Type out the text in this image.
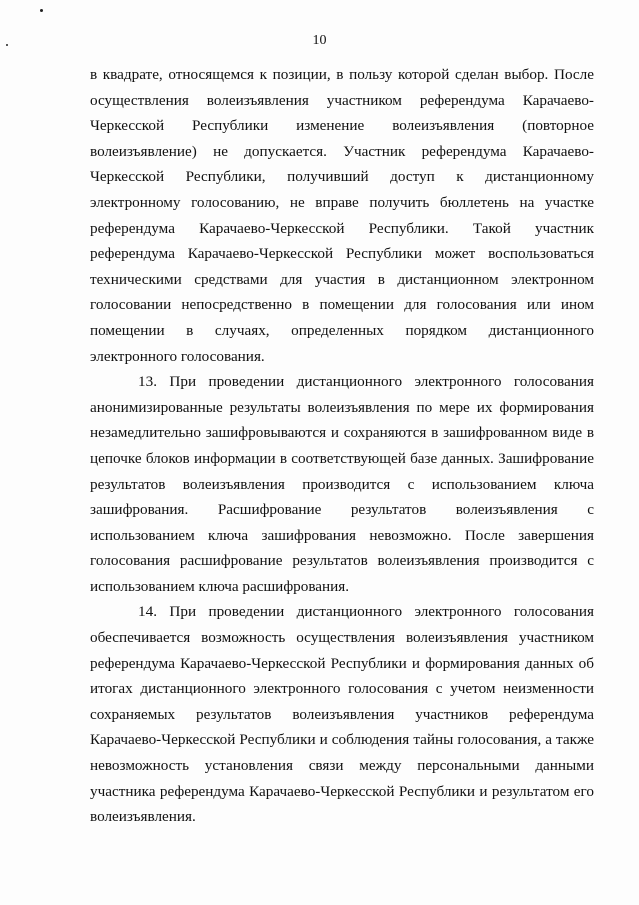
10

в квадрате, относящемся к позиции, в пользу которой сделан выбор. После осуществления волеизъявления участником референдума Карачаево-Черкесской Республики изменение волеизъявления (повторное волеизъявление) не допускается. Участник референдума Карачаево-Черкесской Республики, получивший доступ к дистанционному электронному голосованию, не вправе получить бюллетень на участке референдума Карачаево-Черкесской Республики. Такой участник референдума Карачаево-Черкесской Республики может воспользоваться техническими средствами для участия в дистанционном электронном голосовании непосредственно в помещении для голосования или ином помещении в случаях, определенных порядком дистанционного электронного голосования.

13. При проведении дистанционного электронного голосования анонимизированные результаты волеизъявления по мере их формирования незамедлительно зашифровываются и сохраняются в зашифрованном виде в цепочке блоков информации в соответствующей базе данных. Зашифрование результатов волеизъявления производится с использованием ключа зашифрования. Расшифрование результатов волеизъявления с использованием ключа зашифрования невозможно. После завершения голосования расшифрование результатов волеизъявления производится с использованием ключа расшифрования.

14. При проведении дистанционного электронного голосования обеспечивается возможность осуществления волеизъявления участником референдума Карачаево-Черкесской Республики и формирования данных об итогах дистанционного электронного голосования с учетом неизменности сохраняемых результатов волеизъявления участников референдума Карачаево-Черкесской Республики и соблюдения тайны голосования, а также невозможность установления связи между персональными данными участника референдума Карачаево-Черкесской Республики и результатом его волеизъявления.
